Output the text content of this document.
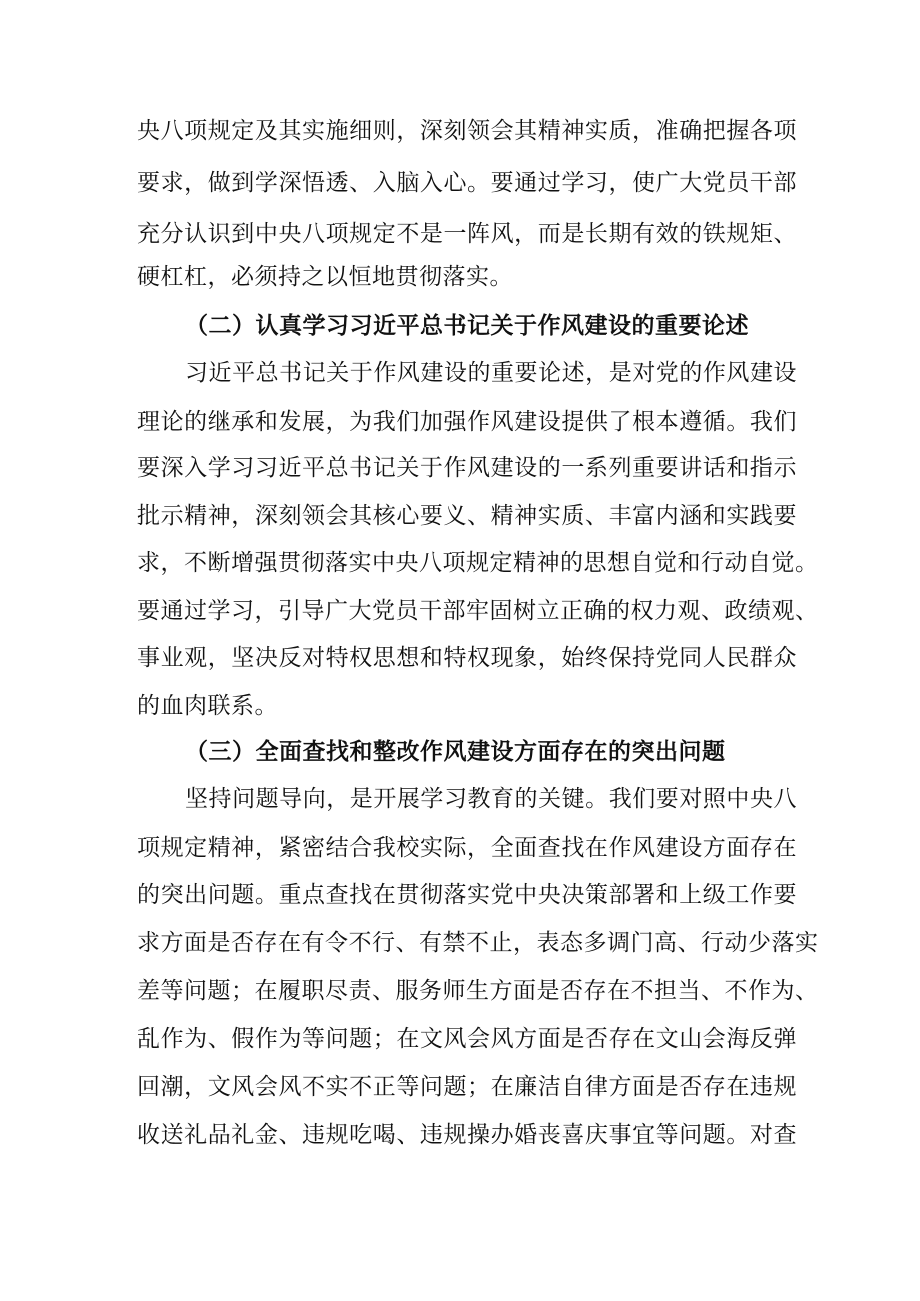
央八项规定及其实施细则，深刻领会其精神实质，准确把握各项
要求，做到学深悟透、入脑入心。要通过学习，使广大党员干部
充分认识到中央八项规定不是一阵风，而是长期有效的铁规矩、
硬杠杠，必须持之以恒地贯彻落实。
（二）认真学习习近平总书记关于作风建设的重要论述
习近平总书记关于作风建设的重要论述，是对党的作风建设
理论的继承和发展，为我们加强作风建设提供了根本遵循。我们
要深入学习习近平总书记关于作风建设的一系列重要讲话和指示
批示精神，深刻领会其核心要义、精神实质、丰富内涵和实践要
求，不断增强贯彻落实中央八项规定精神的思想自觉和行动自觉。
要通过学习，引导广大党员干部牢固树立正确的权力观、政绩观、
事业观，坚决反对特权思想和特权现象，始终保持党同人民群众
的血肉联系。
（三）全面查找和整改作风建设方面存在的突出问题
坚持问题导向，是开展学习教育的关键。我们要对照中央八
项规定精神，紧密结合我校实际，全面查找在作风建设方面存在
的突出问题。重点查找在贯彻落实党中央决策部署和上级工作要
求方面是否存在有令不行、有禁不止，表态多调门高、行动少落实
差等问题；在履职尽责、服务师生方面是否存在不担当、不作为、
乱作为、假作为等问题；在文风会风方面是否存在文山会海反弹
回潮，文风会风不实不正等问题；在廉洁自律方面是否存在违规
收送礼品礼金、违规吃喝、违规操办婚丧喜庆事宜等问题。对查
